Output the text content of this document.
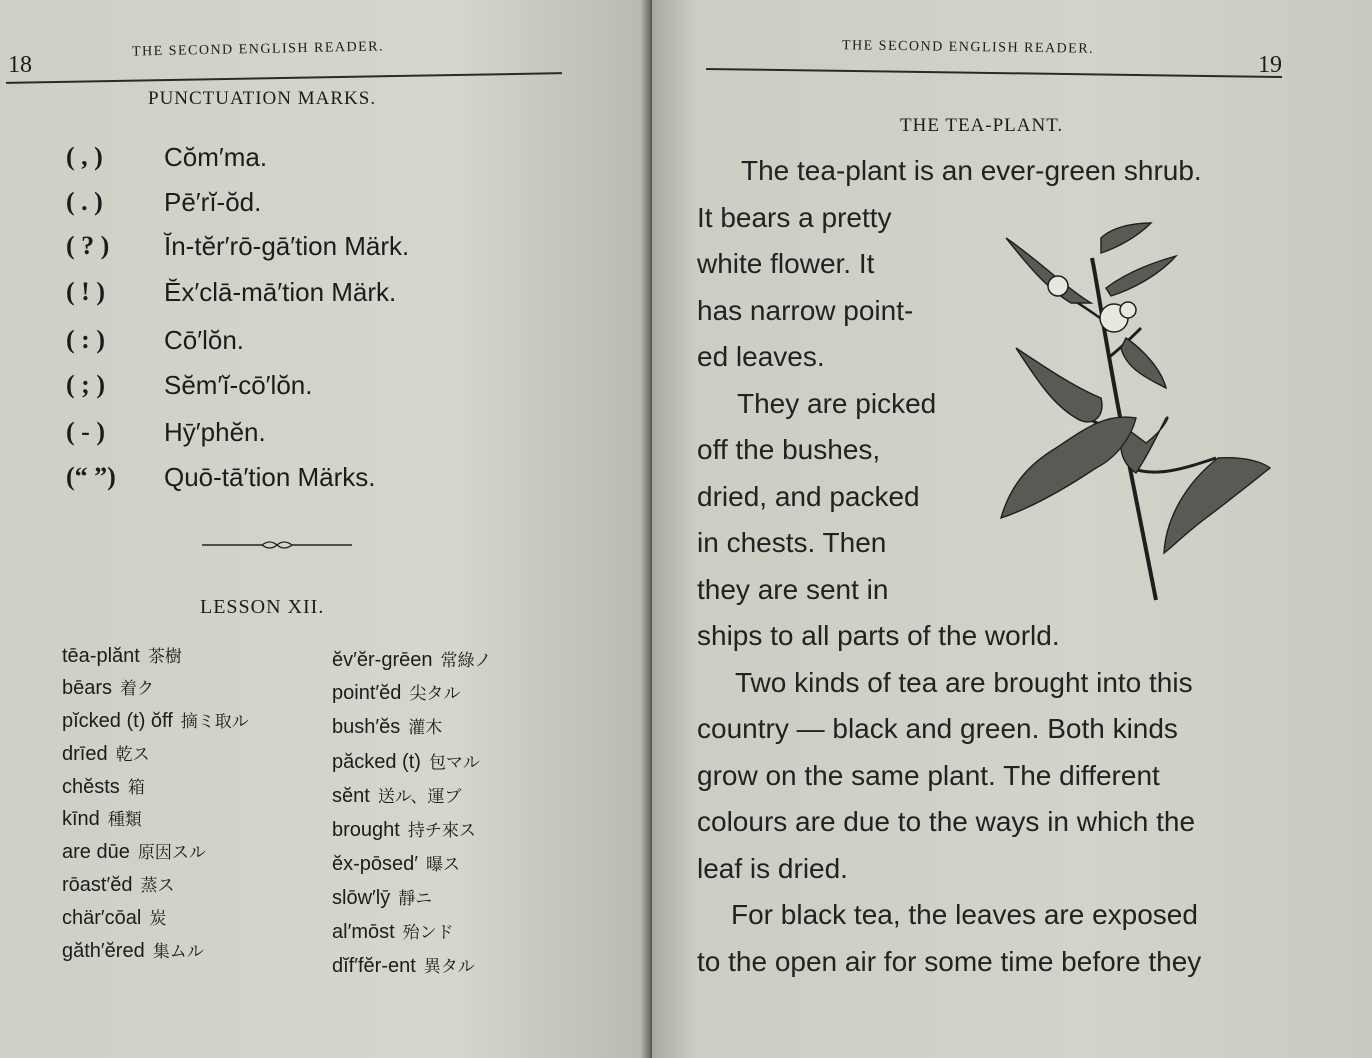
18
THE SECOND ENGLISH READER.
PUNCTUATION MARKS.
( , )	Cŏm′ma.
( . )	Pē′rĭ-ŏd.
( ? )	Ĭn-tĕr′rō-gā′tion Märk.
( ! )	Ĕx′clā-mā′tion Märk.
( : )	Cō′lŏn.
( ; )	Sĕm′ĭ-cō′lŏn.
( - )	Hȳ′phĕn.
(“ ”)	Quō-tā′tion Märks.
LESSON XII.
tēa-plănt 茶樹
bēars 着ク
pĭcked (t) ŏff 摘ミ取ル
drīed 乾ス
chĕsts 箱
kīnd 種類
are dūe 原因スル
rōast′ĕd 蒸ス
chär′cōal 炭
găth′ĕred 集ムル
ĕv′ĕr-grēen 常綠ノ
point′ĕd 尖タル
bush′ĕs 灌木
păcked (t) 包マル
sĕnt 送ル、運ブ
brought 持チ來ス
ĕx-pōsed′ 曝ス
slōw′lȳ 靜ニ
al′mōst 殆ンド
dĭf′fĕr-ent 異タル
THE SECOND ENGLISH READER.
19
THE TEA-PLANT.
The tea-plant is an ever-green shrub.
It bears a pretty
white flower. It
has narrow point-
ed leaves.
They are picked
off the bushes,
dried, and packed
in chests. Then
they are sent in
ships to all parts of the world.
Two kinds of tea are brought into this
country — black and green. Both kinds
grow on the same plant. The different
colours are due to the ways in which the
leaf is dried.
For black tea, the leaves are exposed
to the open air for some time before they
